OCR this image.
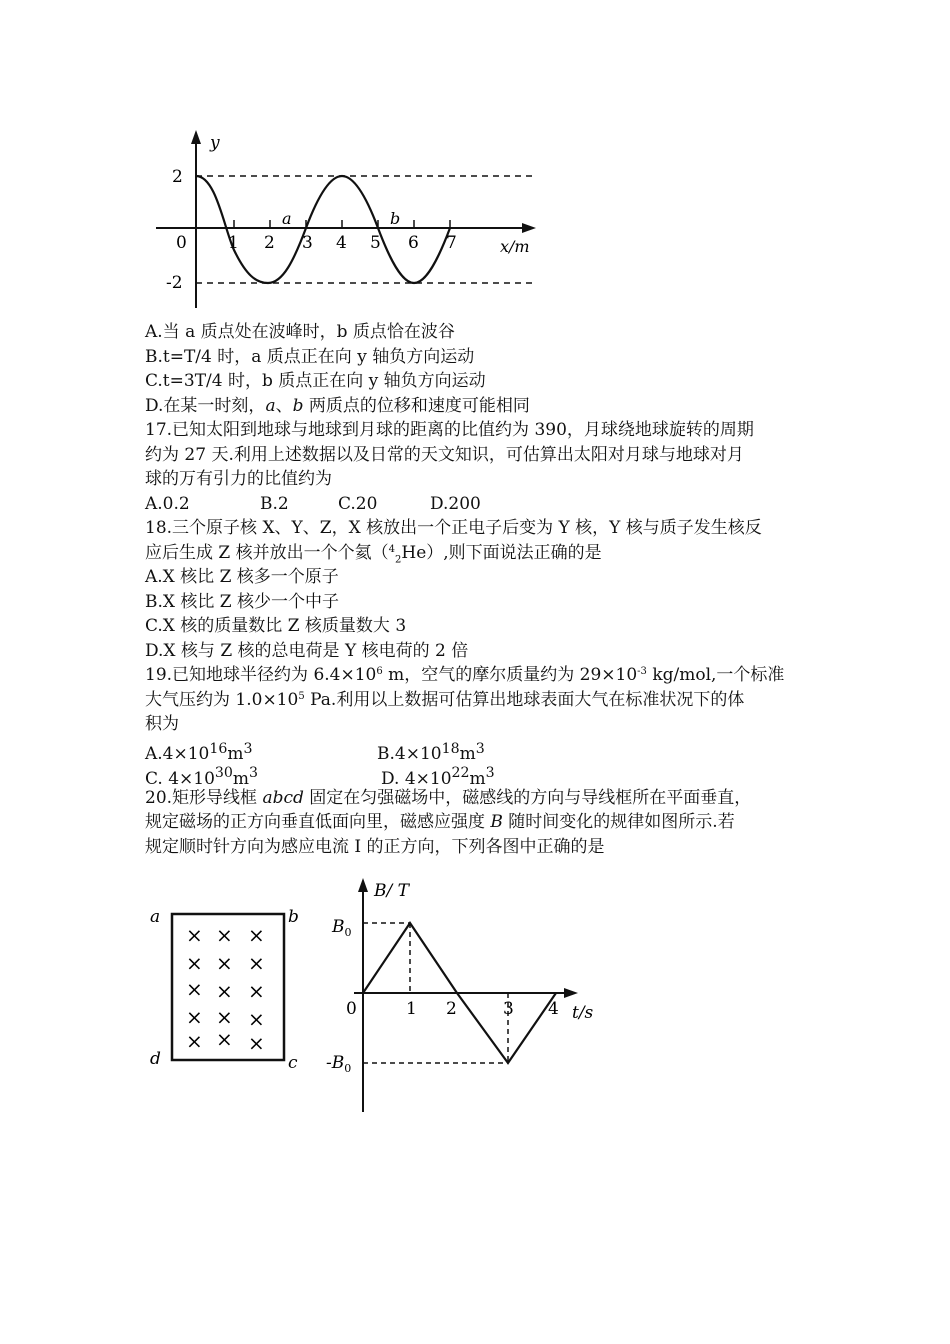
y
x/m
0
2
-2
1 2 3 4 5 6 7
a	b
A.当 a 质点处在波峰时，b 质点恰在波谷
B.t=T/4 时，a 质点正在向 y 轴负方向运动
C.t=3T/4 时，b 质点正在向 y 轴负方向运动
D.在某一时刻，a、b 两质点的位移和速度可能相同
17.已知太阳到地球与地球到月球的距离的比值约为 390，月球绕地球旋转的周期
约为 27 天.利用上述数据以及日常的天文知识，可估算出太阳对月球与地球对月
球的万有引力的比值约为
A.0.2	B.2	C.20	D.200
18.三个原子核 X、Y、Z，X 核放出一个正电子后变为 Y 核，Y 核与质子发生核反
应后生成 Z 核并放出一个个氦（$^4_2$He）,则下面说法正确的是
A.X 核比 Z 核多一个原子
B.X 核比 Z 核少一个中子
C.X 核的质量数比 Z 核质量数大 3
D.X 核与 Z 核的总电荷是 Y 核电荷的 2 倍
19.已知地球半径约为 $6.4\times 10^6$ m，空气的摩尔质量约为 $29\times 10^{-3}$ kg/mol,一个标准
大气压约为 $1.0\times 10^5$ Pa.利用以上数据可估算出地球表面大气在标准状况下的体
积为
$A.4\times 10^{16}m^3$	$B.4\times 10^{18}m^3$
C. $4\times 10^{30}m^3$	D. $4\times 10^{22}m^3$
20.矩形导线框 abcd 固定在匀强磁场中，磁感线的方向与导线框所在平面垂直，
规定磁场的正方向垂直低面向里，磁感应强度 B 随时间变化的规律如图所示.若
规定顺时针方向为感应电流 I 的正方向，下列各图中正确的是
a	b
d	c
× × ×
× × ×
× × ×
× × ×
× × ×
B/ T
t/s
0
$B_0$
$-B_0$
1 2	3 4
